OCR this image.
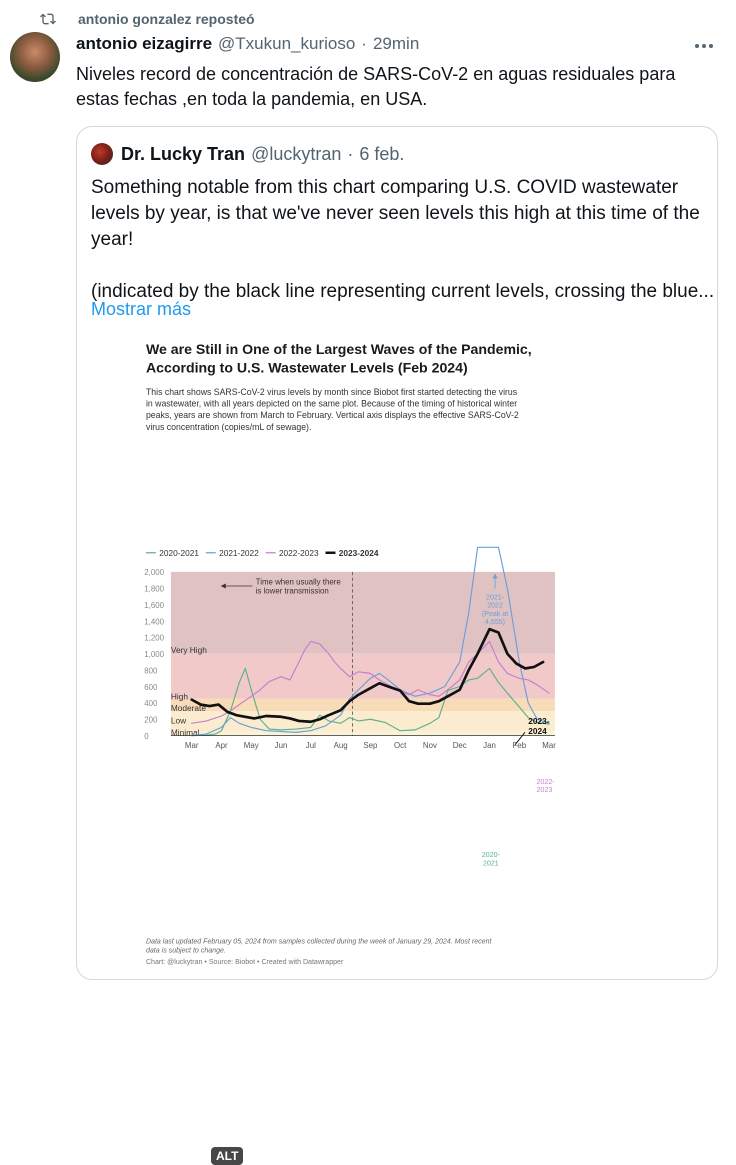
antonio gonzalez reposteó
antonio eizagirre @Txukun_kurioso · 29min
Niveles record de concentración de SARS-CoV-2 en aguas residuales para
estas fechas ,en toda la pandemia, en USA.
Dr. Lucky Tran @luckytran · 6 feb.

Something notable from this chart comparing U.S. COVID wastewater

levels by year, is that we've never seen levels this high at this time of the

year!

(indicated by the black line representing current levels, crossing the blue...

Mostrar más
We are Still in One of the Largest Waves of the Pandemic,
According to U.S. Wastewater Levels (Feb 2024)
This chart shows SARS-CoV-2 virus levels by month since Biobot first started detecting the virus
in wastewater, with all years depicted on the same plot. Because of the timing of historical winter
peaks, years are shown from March to February. Vertical axis displays the effective SARS-CoV-2
virus concentration (copies/mL of sewage).
2020-2021 2021-2022 2022-2023 2023-2024
0
200
400
600
800
1,000
1,200
1,400
1,600
1,800
2,000
Very High
High
Moderate
Low
Minimal
Time when usually there
is lower transmission
2021-
2022
(Peak at
4,555)
2023-
2024
2022-
2023
2020-
2021
Mar Apr May Jun Jul Aug Sep Oct Nov Dec Jan Feb Mar
Data last updated February 05, 2024 from samples collected during the week of January 29, 2024. Most recent
data is subject to change.
Chart: @luckytran • Source: Biobot • Created with Datawrapper
ALT
